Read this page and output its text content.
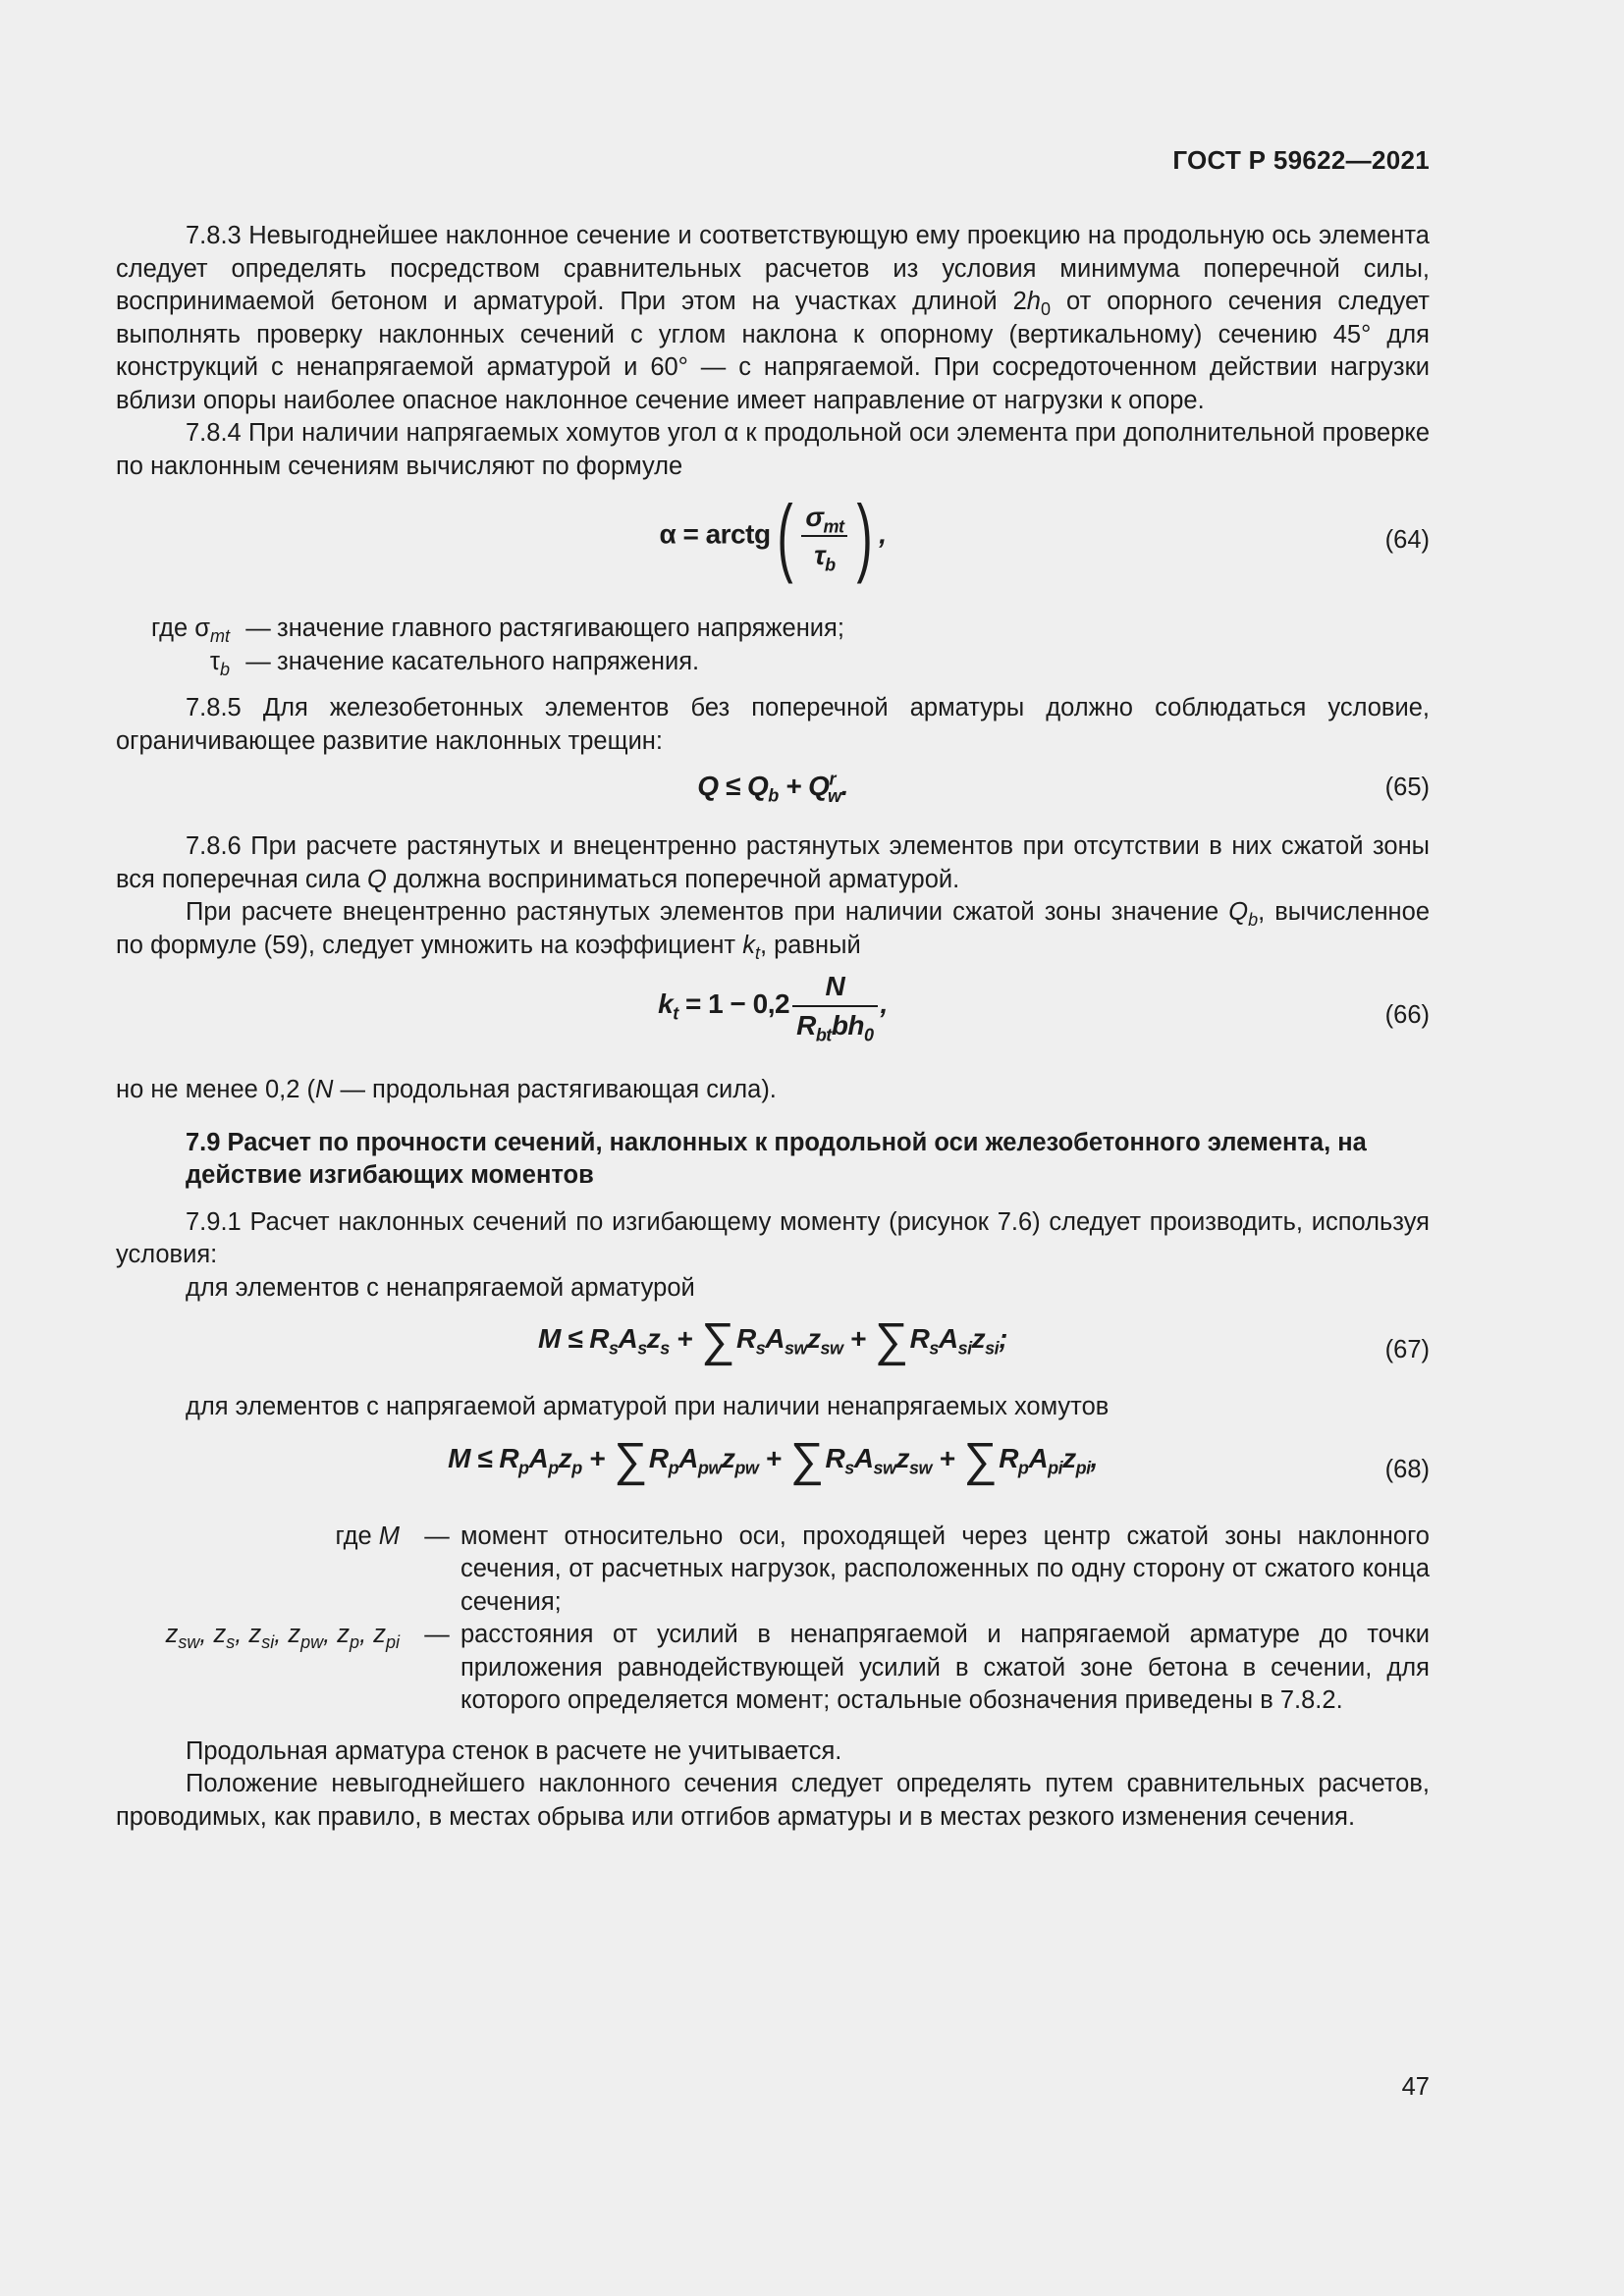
ГОСТ Р 59622—2021

7.8.3 Невыгоднейшее наклонное сечение и соответствующую ему проекцию на продольную ось элемента следует определять посредством сравнительных расчетов из условия минимума поперечной силы, воспринимаемой бетоном и арматурой. При этом на участках длиной $2h_0$ от опорного сечения следует выполнять проверку наклонных сечений с углом наклона к опорному (вертикальному) сечению 45° для конструкций с ненапрягаемой арматурой и 60° — с напрягаемой. При сосредоточенном действии нагрузки вблизи опоры наиболее опасное наклонное сечение имеет направление от нагрузки к опоре.

7.8.4 При наличии напрягаемых хомутов угол α к продольной оси элемента при дополнительной проверке по наклонным сечениям вычисляют по формуле

α = arctg( $\frac{\sigma_{mt}}{\tau_b}$ ) ,	(64)
где $\sigma_{mt}$ — значение главного растягивающего напряжения;
$\tau_b$ — значение касательного напряжения.

7.8.5 Для железобетонных элементов без поперечной арматуры должно соблюдаться условие, ограничивающее развитие наклонных трещин:

$Q \le Q_b + Q^r_w$.	(65)

7.8.6 При расчете растянутых и внецентренно растянутых элементов при отсутствии в них сжатой зоны вся поперечная сила Q должна восприниматься поперечной арматурой.

При расчете внецентренно растянутых элементов при наличии сжатой зоны значение $Q_b$, вычисленное по формуле (59), следует умножить на коэффициент $k_t$, равный

$k_t = 1 - 0,2 \frac{N}{R_{bt}bh_0}$ ,	(66)

но не менее 0,2 (N — продольная растягивающая сила).

7.9 Расчет по прочности сечений, наклонных к продольной оси железобетонного элемента, на действие изгибающих моментов

7.9.1 Расчет наклонных сечений по изгибающему моменту (рисунок 7.6) следует производить, используя условия:

для элементов с ненапрягаемой арматурой

$M \le R_sA_sz_s + \sum R_sA_{sw}z_{sw} + \sum R_sA_{si}z_{si}$;	(67)

для элементов с напрягаемой арматурой при наличии ненапрягаемых хомутов

$M \le R_pA_pz_p + \sum R_pA_{pw}z_{pw} + \sum R_sA_{sw}z_{sw} + \sum R_pA_{pi}z_{pi}$,	(68)
где M — момент относительно оси, проходящей через центр сжатой зоны наклонного сечения, от расчетных нагрузок, расположенных по одну сторону от сжатого конца сечения;
$z_{sw}$, $z_s$, $z_{si}$, $z_{pw}$, $z_p$, $z_{pi}$ — расстояния от усилий в ненапрягаемой и напрягаемой арматуре до точки приложения равнодействующей усилий в сжатой зоне бетона в сечении, для которого определяется момент; остальные обозначения приведены в 7.8.2.

Продольная арматура стенок в расчете не учитывается.

Положение невыгоднейшего наклонного сечения следует определять путем сравнительных расчетов, проводимых, как правило, в местах обрыва или отгибов арматуры и в местах резкого изменения сечения.

47
